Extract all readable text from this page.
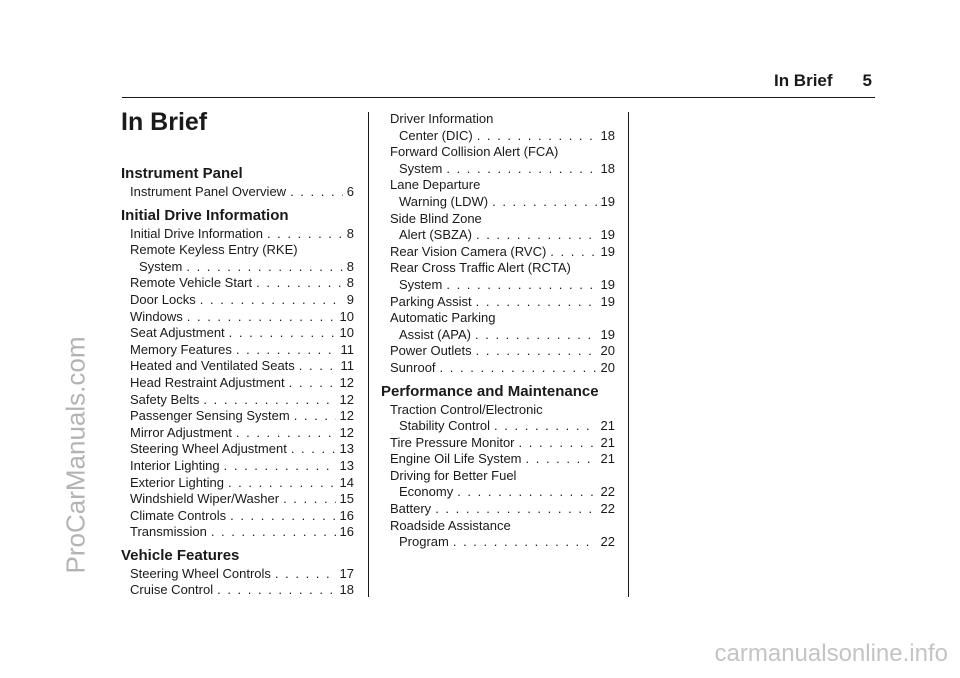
ProCarManuals.com
carmanualsonline.info
In Brief 5
In Brief
Instrument Panel
Instrument Panel Overview . . .	6
Initial Drive Information
Initial Drive Information . . .	8
Remote Keyless Entry (RKE)
System . . .	8
Remote Vehicle Start . . .	8
Door Locks . . .	9
Windows . . .	10
Seat Adjustment . . .	10
Memory Features . . .	11
Heated and Ventilated Seats . . .	11
Head Restraint Adjustment . . .	12
Safety Belts . . .	12
Passenger Sensing System . . .	12
Mirror Adjustment . . .	12
Steering Wheel Adjustment . . .	13
Interior Lighting . . .	13
Exterior Lighting . . .	14
Windshield Wiper/Washer . . .	15
Climate Controls . . .	16
Transmission . . .	16
Vehicle Features
Steering Wheel Controls . . .	17
Cruise Control . . .	18
Driver Information
Center (DIC) . . .	18
Forward Collision Alert (FCA)
System . . .	18
Lane Departure
Warning (LDW) . . .	19
Side Blind Zone
Alert (SBZA) . . .	19
Rear Vision Camera (RVC) . . .	19
Rear Cross Traffic Alert (RCTA)
System . . .	19
Parking Assist . . .	19
Automatic Parking
Assist (APA) . . .	19
Power Outlets . . .	20
Sunroof . . .	20
Performance and Maintenance
Traction Control/Electronic
Stability Control . . .	21
Tire Pressure Monitor . . .	21
Engine Oil Life System . . .	21
Driving for Better Fuel
Economy . . .	22
Battery . . .	22
Roadside Assistance
Program . . .	22
